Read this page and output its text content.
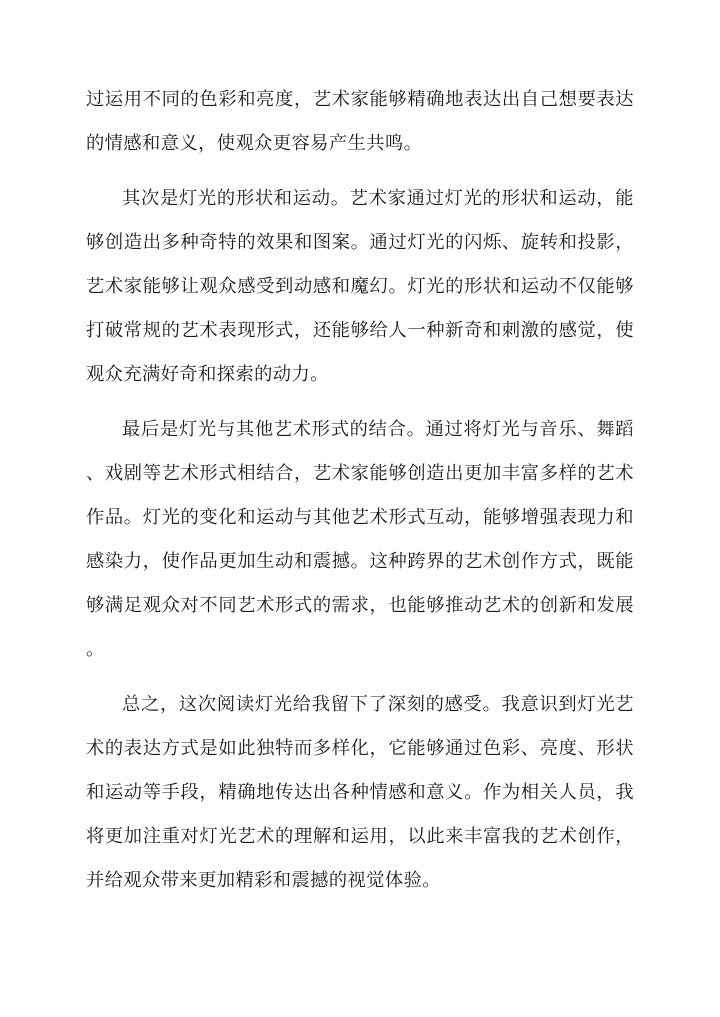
过运用不同的色彩和亮度，艺术家能够精确地表达出自己想要表达
的情感和意义，使观众更容易产生共鸣。
其次是灯光的形状和运动。艺术家通过灯光的形状和运动，能
够创造出多种奇特的效果和图案。通过灯光的闪烁、旋转和投影，
艺术家能够让观众感受到动感和魔幻。灯光的形状和运动不仅能够
打破常规的艺术表现形式，还能够给人一种新奇和刺激的感觉，使
观众充满好奇和探索的动力。
最后是灯光与其他艺术形式的结合。通过将灯光与音乐、舞蹈
、戏剧等艺术形式相结合，艺术家能够创造出更加丰富多样的艺术
作品。灯光的变化和运动与其他艺术形式互动，能够增强表现力和
感染力，使作品更加生动和震撼。这种跨界的艺术创作方式，既能
够满足观众对不同艺术形式的需求，也能够推动艺术的创新和发展
。
总之，这次阅读灯光给我留下了深刻的感受。我意识到灯光艺
术的表达方式是如此独特而多样化，它能够通过色彩、亮度、形状
和运动等手段，精确地传达出各种情感和意义。作为相关人员，我
将更加注重对灯光艺术的理解和运用，以此来丰富我的艺术创作，
并给观众带来更加精彩和震撼的视觉体验。
